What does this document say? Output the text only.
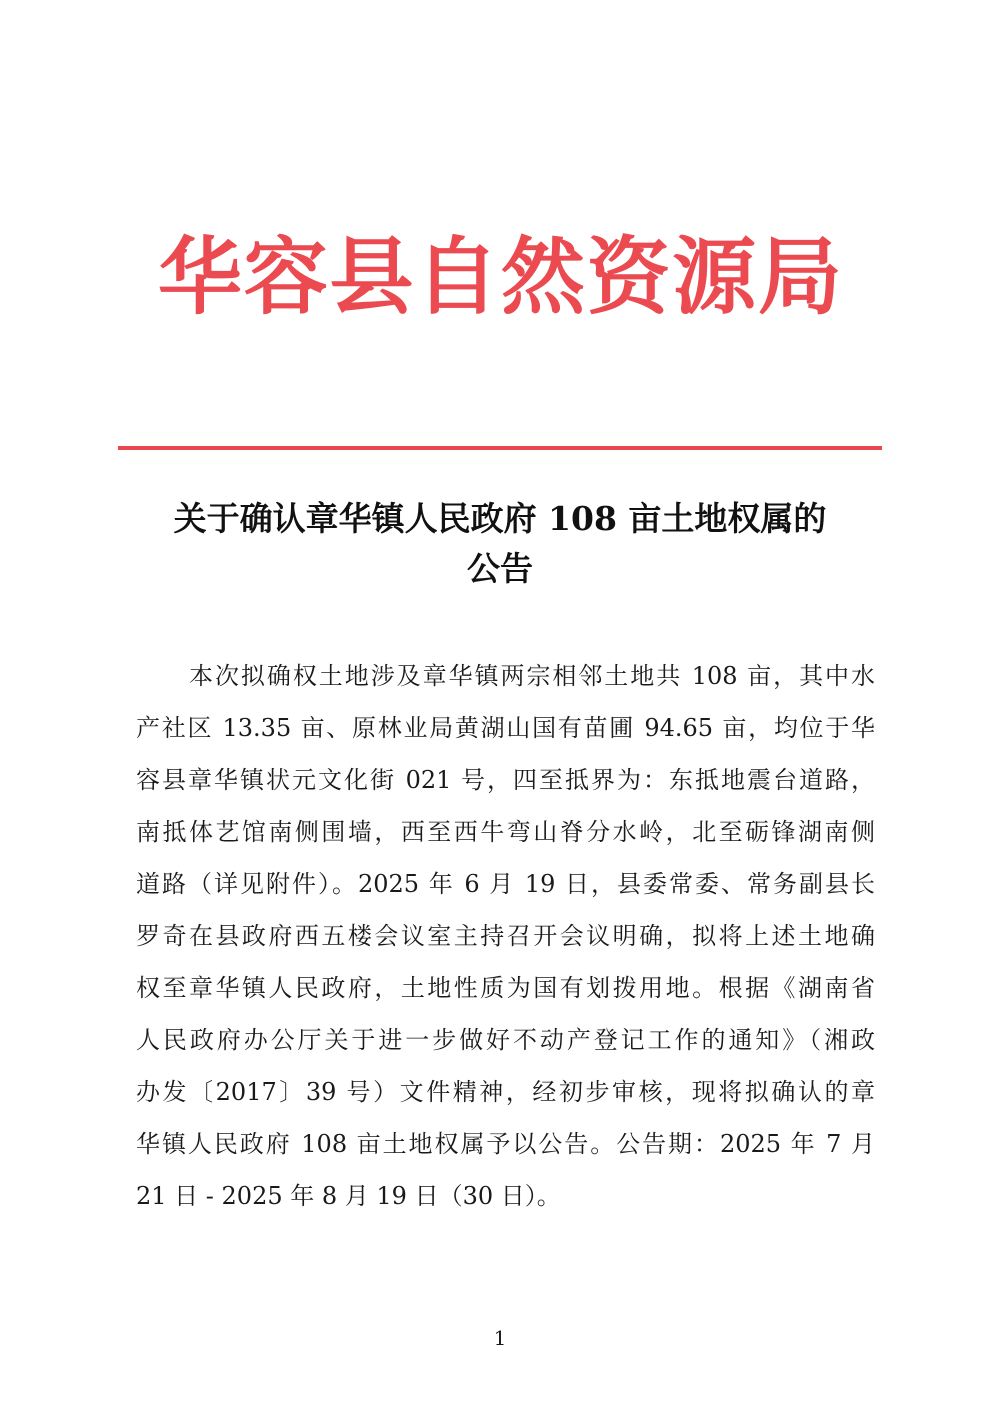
华 容 县 自 然 资 源 局
关于确认章华镇人民政府 108 亩土地权属的
公告
本次拟确权土地涉及章华镇两宗相邻土地共 108 亩，其中水
产社区 13.35 亩、原林业局黄湖山国有苗圃 94.65 亩，均位于华
容县章华镇状元文化街 021 号，四至抵界为：东抵地震台道路，
南抵体艺馆南侧围墙，西至西牛弯山脊分水岭，北至砺锋湖南侧
道路（详见附件）。2025 年 6 月 19 日，县委常委、常务副县长
罗奇在县政府西五楼会议室主持召开会议明确，拟将上述土地确
权至章华镇人民政府，土地性质为国有划拨用地。根据《湖南省
人民政府办公厅关于进一步做好不动产登记工作的通知》（湘政
办发〔2017〕39 号）文件精神，经初步审核，现将拟确认的章
华镇人民政府 108 亩土地权属予以公告。公告期：2025 年 7 月
21 日 - 2025 年 8 月 19 日（30 日）。
1
